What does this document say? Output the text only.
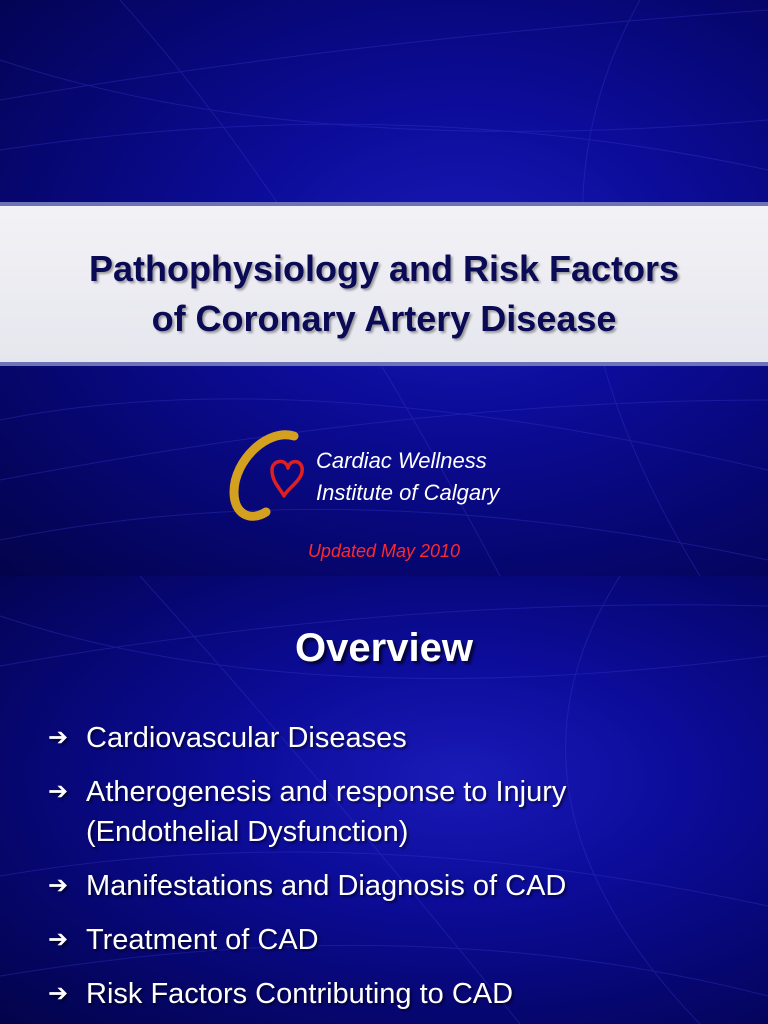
Pathophysiology and Risk Factors
of Coronary Artery Disease
Cardiac Wellness
Institute of Calgary
Updated May 2010
Overview
➔ Cardiovascular Diseases
➔ Atherogenesis and response to Injury
(Endothelial Dysfunction)
➔ Manifestations and Diagnosis of CAD
➔ Treatment of CAD
➔ Risk Factors Contributing to CAD
